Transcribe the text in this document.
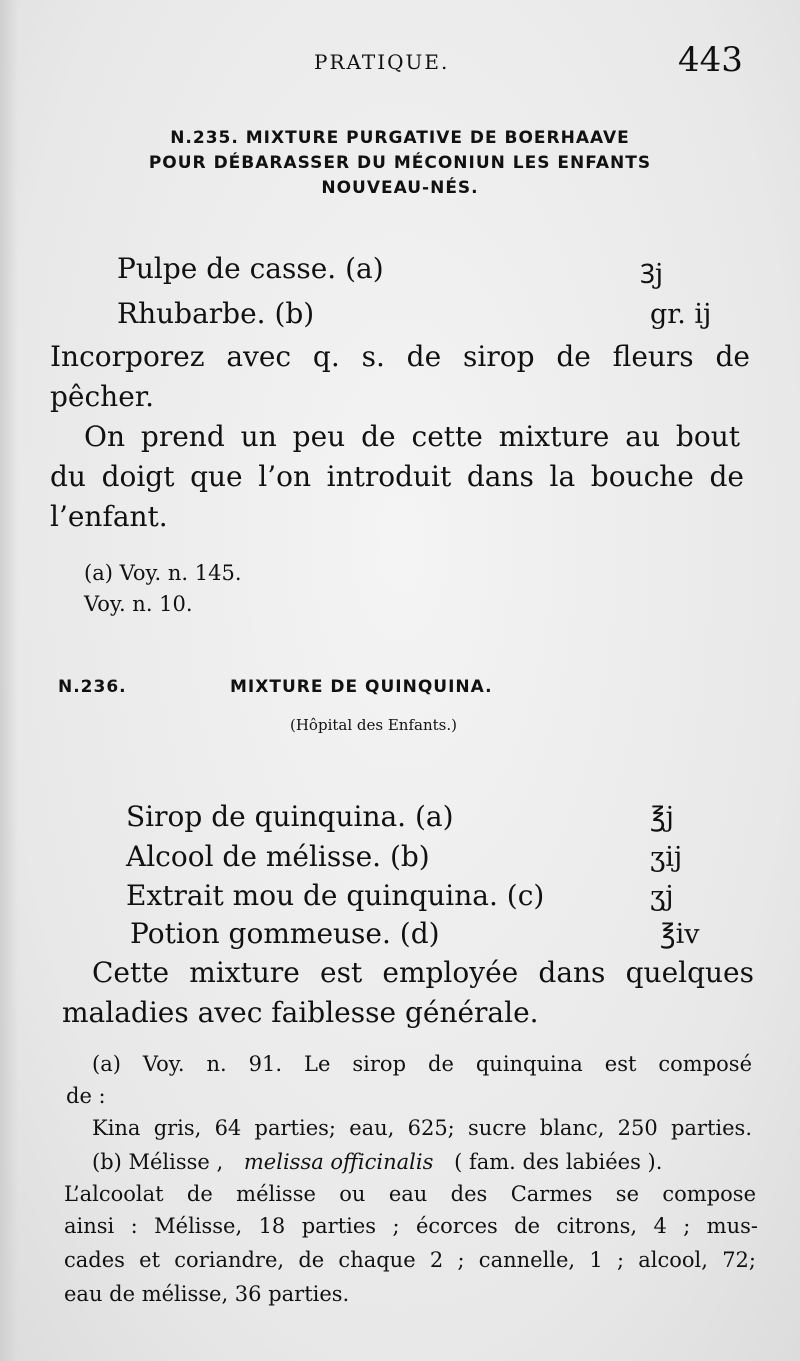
PRATIQUE.	443
N.235. MIXTURE PURGATIVE DE BOERHAAVE
POUR DÉBARASSER DU MÉCONIUN LES ENFANTS
NOUVEAU-NÉS.
Pulpe de casse. (a)	Ꝫj
Rhubarbe. (b)	gr. ij
Incorporez avec q. s. de sirop de fleurs de
pêcher.
On prend un peu de cette mixture au bout
du doigt que l’on introduit dans la bouche de
l’enfant.
(a) Voy. n. 145.
Voy. n. 10.
N.236.	MIXTURE DE QUINQUINA.
(Hôpital des Enfants.)
Sirop de quinquina. (a)	℥j
Alcool de mélisse. (b)	ʒij
Extrait mou de quinquina. (c)	ʒj
Potion gommeuse. (d)	℥iv
Cette mixture est employée dans quelques
maladies avec faiblesse générale.
(a) Voy. n. 91. Le sirop de quinquina est composé
de :
Kina gris, 64 parties; eau, 625; sucre blanc, 250 parties.
(b) Mélisse , melissa officinalis ( fam. des labiées ).
L’alcoolat de mélisse ou eau des Carmes se compose
ainsi : Mélisse, 18 parties ; écorces de citrons, 4 ; mus-
cades et coriandre, de chaque 2 ; cannelle, 1 ; alcool, 72;
eau de mélisse, 36 parties.
